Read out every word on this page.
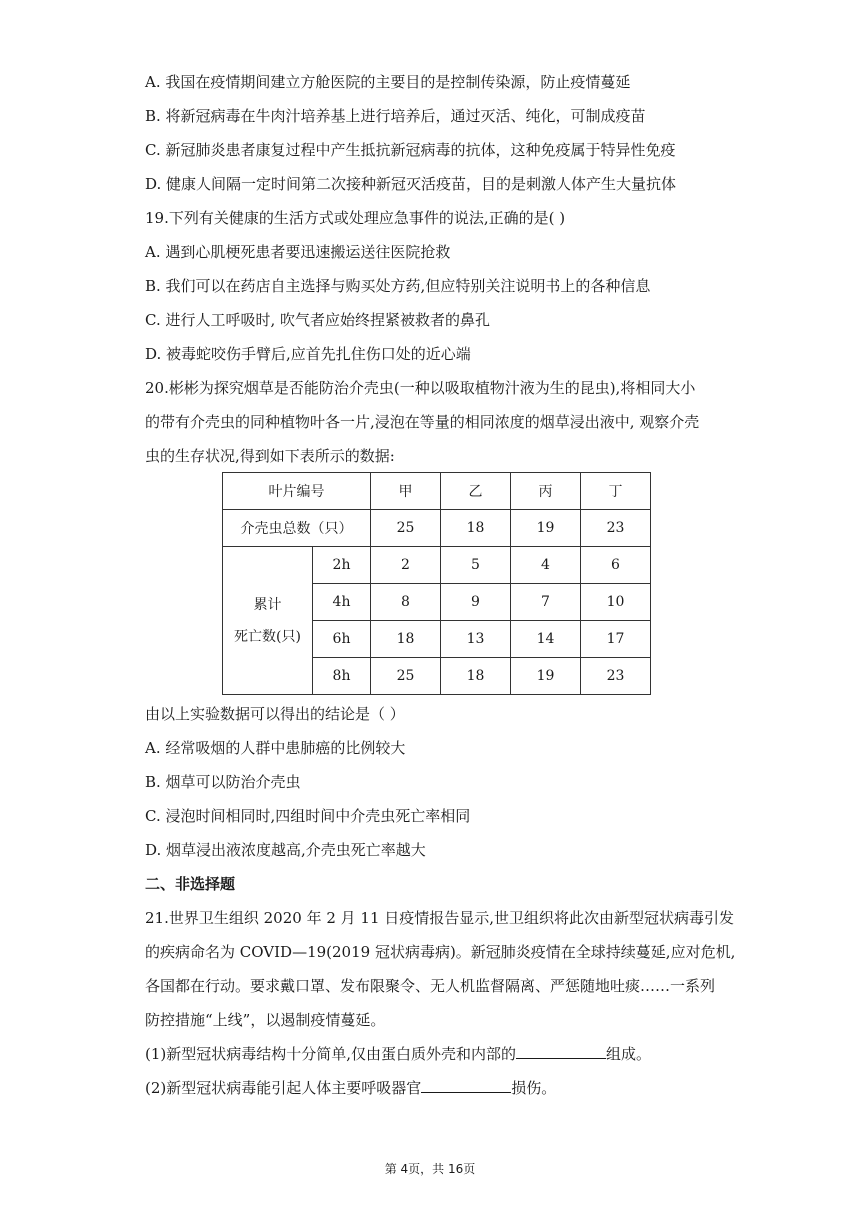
A. 我国在疫情期间建立方舱医院的主要目的是控制传染源，防止疫情蔓延
B. 将新冠病毒在牛肉汁培养基上进行培养后，通过灭活、纯化，可制成疫苗
C. 新冠肺炎患者康复过程中产生抵抗新冠病毒的抗体，这种免疫属于特异性免疫
D. 健康人间隔一定时间第二次接种新冠灭活疫苗，目的是刺激人体产生大量抗体
19.下列有关健康的生活方式或处理应急事件的说法,正确的是( )
A. 遇到心肌梗死患者要迅速搬运送往医院抢救
B. 我们可以在药店自主选择与购买处方药,但应特别关注说明书上的各种信息
C. 进行人工呼吸时, 吹气者应始终捏紧被救者的鼻孔
D. 被毒蛇咬伤手臂后,应首先扎住伤口处的近心端
20.彬彬为探究烟草是否能防治介壳虫(一种以吸取植物汁液为生的昆虫),将相同大小
的带有介壳虫的同种植物叶各一片,浸泡在等量的相同浓度的烟草浸出液中, 观察介壳
虫的生存状况,得到如下表所示的数据:
叶片编号		甲	乙	丙	丁
介壳虫总数（只）		25	18	19	23

累计
死亡数(只)	2h	2	5	4	6
	4h	8	9	7	10
	6h	18	13	14	17
	8h	25	18	19	23
由以上实验数据可以得出的结论是（ ）
A. 经常吸烟的人群中患肺癌的比例较大
B. 烟草可以防治介壳虫
C. 浸泡时间相同时,四组时间中介壳虫死亡率相同
D. 烟草浸出液浓度越高,介壳虫死亡率越大
二、非选择题
21.世界卫生组织 2020 年 2 月 11 日疫情报告显示,世卫组织将此次由新型冠状病毒引发
的疾病命名为 COVID—19(2019 冠状病毒病)。新冠肺炎疫情在全球持续蔓延,应对危机,
各国都在行动。要求戴口罩、发布限聚令、无人机监督隔离、严惩随地吐痰……一系列
防控措施“上线”，以遏制疫情蔓延。
(1)新型冠状病毒结构十分简单,仅由蛋白质外壳和内部的	组成。
(2)新型冠状病毒能引起人体主要呼吸器官	损伤。
第 4页，共 16页
